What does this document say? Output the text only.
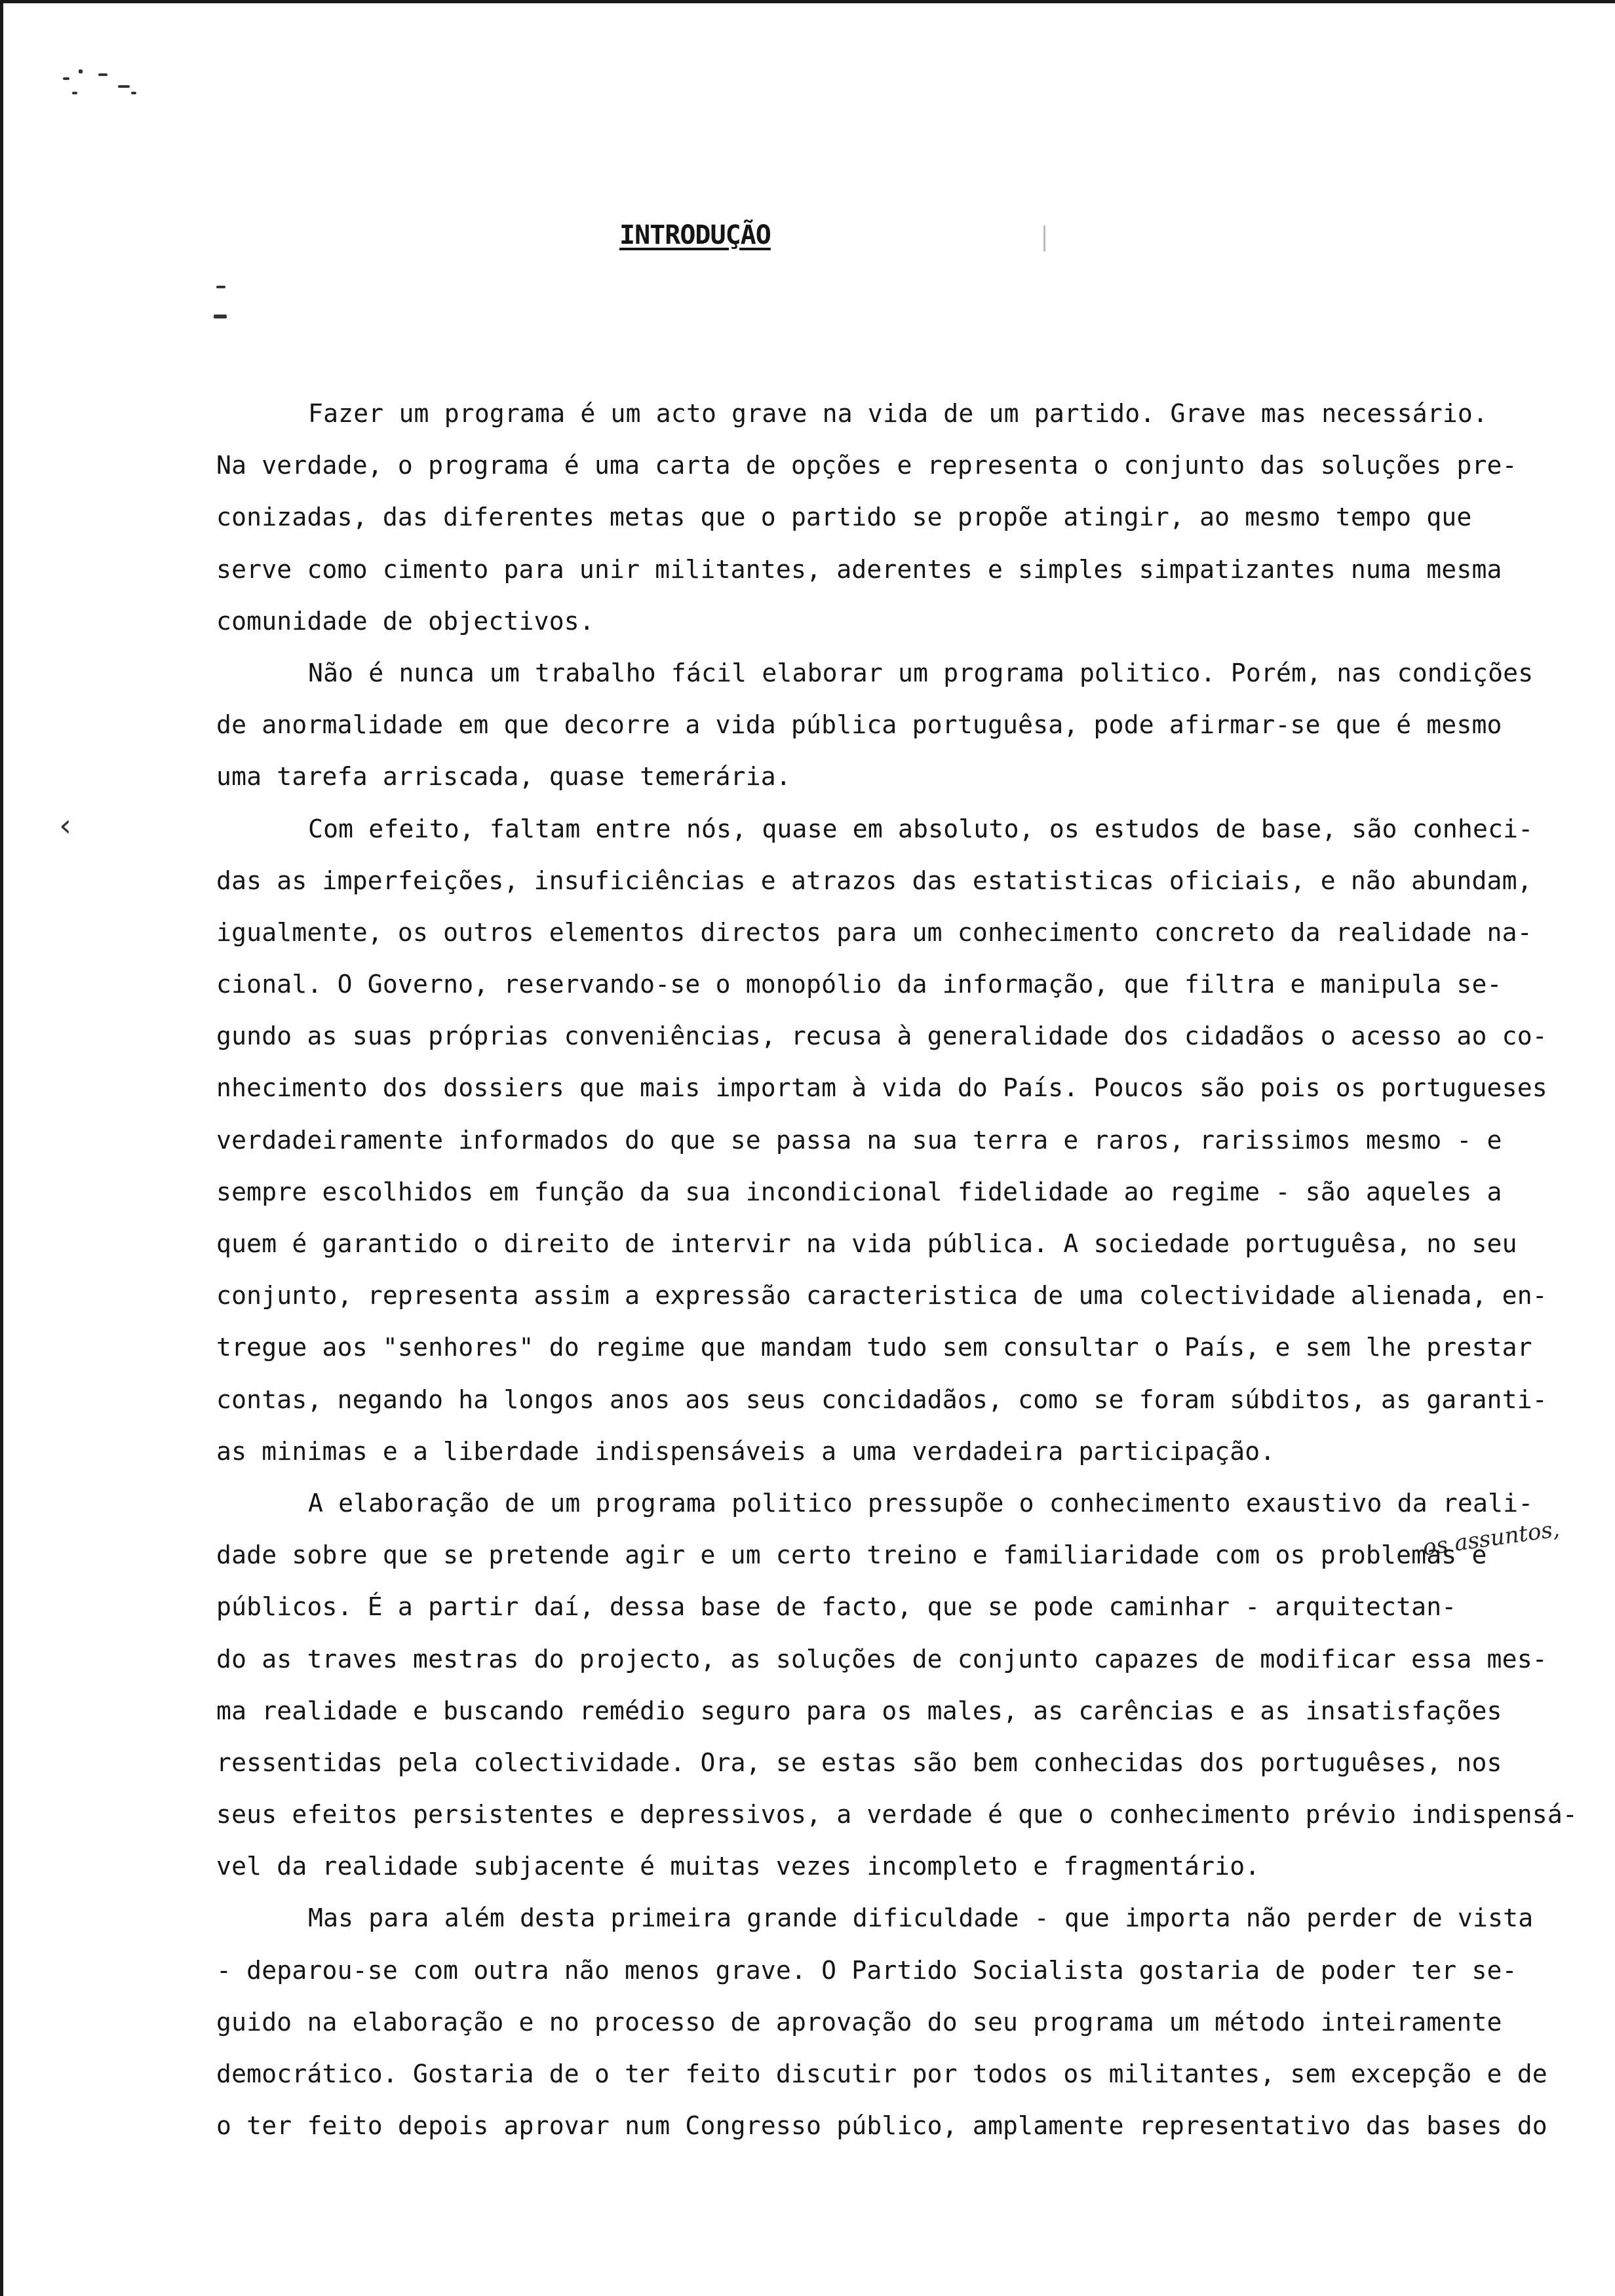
INTRODUÇÃO
‹
os assuntos,
Fazer um programa é um acto grave na vida de um partido. Grave mas necessário.
Na verdade, o programa é uma carta de opções e representa o conjunto das soluções pre-
conizadas, das diferentes metas que o partido se propõe atingir, ao mesmo tempo que
serve como cimento para unir militantes, aderentes e simples simpatizantes numa mesma
comunidade de objectivos.
Não é nunca um trabalho fácil elaborar um programa politico. Porém, nas condições
de anormalidade em que decorre a vida pública portuguêsa, pode afirmar-se que é mesmo
uma tarefa arriscada, quase temerária.
Com efeito, faltam entre nós, quase em absoluto, os estudos de base, são conheci-
das as imperfeições, insuficiências e atrazos das estatisticas oficiais, e não abundam,
igualmente, os outros elementos directos para um conhecimento concreto da realidade na-
cional. O Governo, reservando-se o monopólio da informação, que filtra e manipula se-
gundo as suas próprias conveniências, recusa à generalidade dos cidadãos o acesso ao co-
nhecimento dos dossiers que mais importam à vida do País. Poucos são pois os portugueses
verdadeiramente informados do que se passa na sua terra e raros, rarissimos mesmo - e
sempre escolhidos em função da sua incondicional fidelidade ao regime - são aqueles a
quem é garantido o direito de intervir na vida pública. A sociedade portuguêsa, no seu
conjunto, representa assim a expressão caracteristica de uma colectividade alienada, en-
tregue aos "senhores" do regime que mandam tudo sem consultar o País, e sem lhe prestar
contas, negando ha longos anos aos seus concidadãos, como se foram súbditos, as garanti-
as minimas e a liberdade indispensáveis a uma verdadeira participação.
A elaboração de um programa politico pressupõe o conhecimento exaustivo da reali-
dade sobre que se pretende agir e um certo treino e familiaridade com os problemas e
públicos. É a partir daí, dessa base de facto, que se pode caminhar - arquitectan-
do as traves mestras do projecto, as soluções de conjunto capazes de modificar essa mes-
ma realidade e buscando remédio seguro para os males, as carências e as insatisfações
ressentidas pela colectividade. Ora, se estas são bem conhecidas dos portuguêses, nos
seus efeitos persistentes e depressivos, a verdade é que o conhecimento prévio indispensá-
vel da realidade subjacente é muitas vezes incompleto e fragmentário.
Mas para além desta primeira grande dificuldade - que importa não perder de vista
- deparou-se com outra não menos grave. O Partido Socialista gostaria de poder ter se-
guido na elaboração e no processo de aprovação do seu programa um método inteiramente
democrático. Gostaria de o ter feito discutir por todos os militantes, sem excepção e de
o ter feito depois aprovar num Congresso público, amplamente representativo das bases do
